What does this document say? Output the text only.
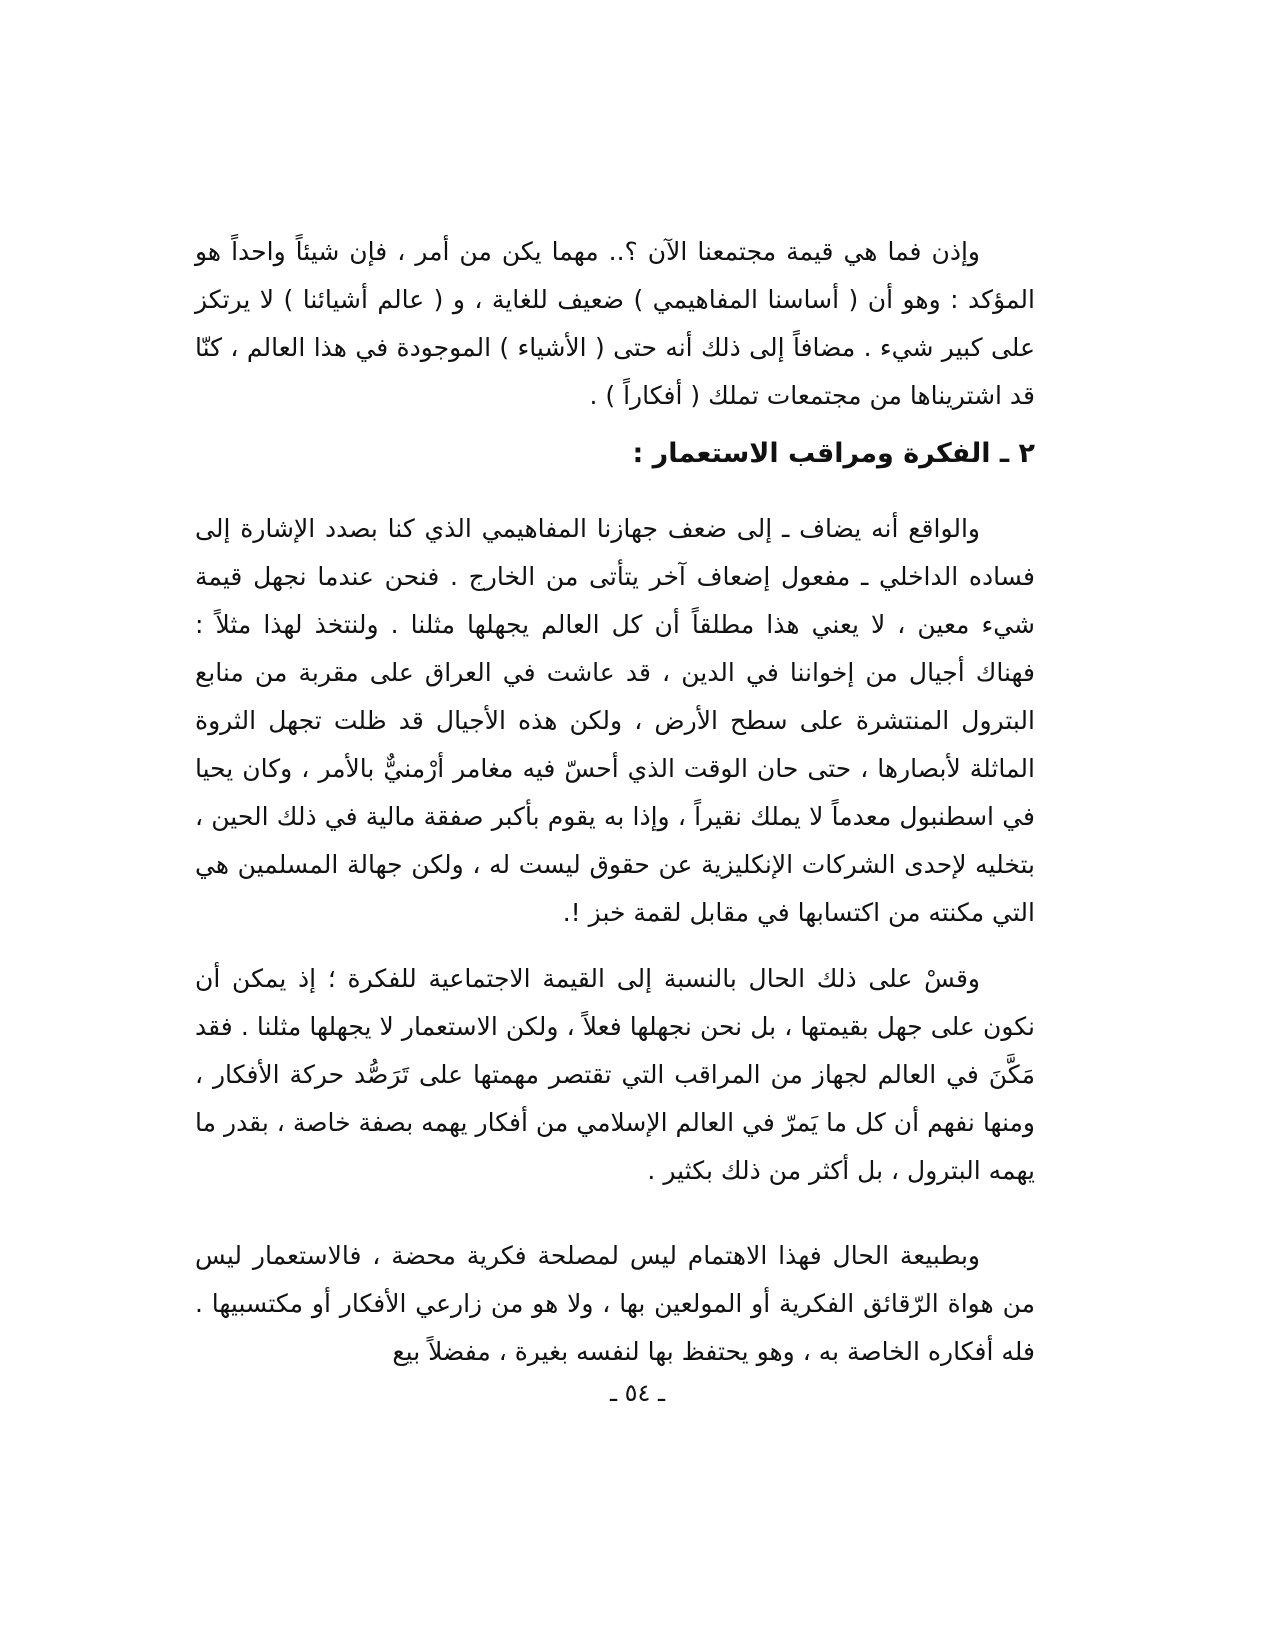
وإذن فما هي قيمة مجتمعنا الآن ؟.. مهما يكن من أمر ، فإن شيئاً واحداً هو المؤكد : وهو أن ( أساسنا المفاهيمي ) ضعيف للغاية ، و ( عالم أشيائنا ) لا يرتكز على كبير شيء . مضافاً إلى ذلك أنه حتى ( الأشياء ) الموجودة في هذا العالم ، كنّا قد اشتريناها من مجتمعات تملك ( أفكاراً ) .

٢ ـ الفكرة ومراقب الاستعمار :

والواقع أنه يضاف ـ إلى ضعف جهازنا المفاهيمي الذي كنا بصدد الإشارة إلى فساده الداخلي ـ مفعول إضعاف آخر يتأتى من الخارج . فنحن عندما نجهل قيمة شيء معين ، لا يعني هذا مطلقاً أن كل العالم يجهلها مثلنا . ولنتخذ لهذا مثلاً : فهناك أجيال من إخواننا في الدين ، قد عاشت في العراق على مقربة من منابع البترول المنتشرة على سطح الأرض ، ولكن هذه الأجيال قد ظلت تجهل الثروة الماثلة لأبصارها ، حتى حان الوقت الذي أحسّ فيه مغامر أرْمنيٌّ بالأمر ، وكان يحيا في اسطنبول معدماً لا يملك نقيراً ، وإذا به يقوم بأكبر صفقة مالية في ذلك الحين ، بتخليه لإحدى الشركات الإنكليزية عن حقوق ليست له ، ولكن جهالة المسلمين هي التي مكنته من اكتسابها في مقابل لقمة خبز !.

وقسْ على ذلك الحال بالنسبة إلى القيمة الاجتماعية للفكرة ؛ إذ يمكن أن نكون على جهل بقيمتها ، بل نحن نجهلها فعلاً ، ولكن الاستعمار لا يجهلها مثلنا . فقد مَكَّنَ في العالم لجهاز من المراقب التي تقتصر مهمتها على تَرَصُّد حركة الأفكار ، ومنها نفهم أن كل ما يَمرّ في العالم الإسلامي من أفكار يهمه بصفة خاصة ، بقدر ما يهمه البترول ، بل أكثر من ذلك بكثير .

وبطبيعة الحال فهذا الاهتمام ليس لمصلحة فكرية محضة ، فالاستعمار ليس من هواة الرّقائق الفكرية أو المولعين بها ، ولا هو من زارعي الأفكار أو مكتسبيها . فله أفكاره الخاصة به ، وهو يحتفظ بها لنفسه بغيرة ، مفضلاً بيع

ـ ٥٤ ـ
